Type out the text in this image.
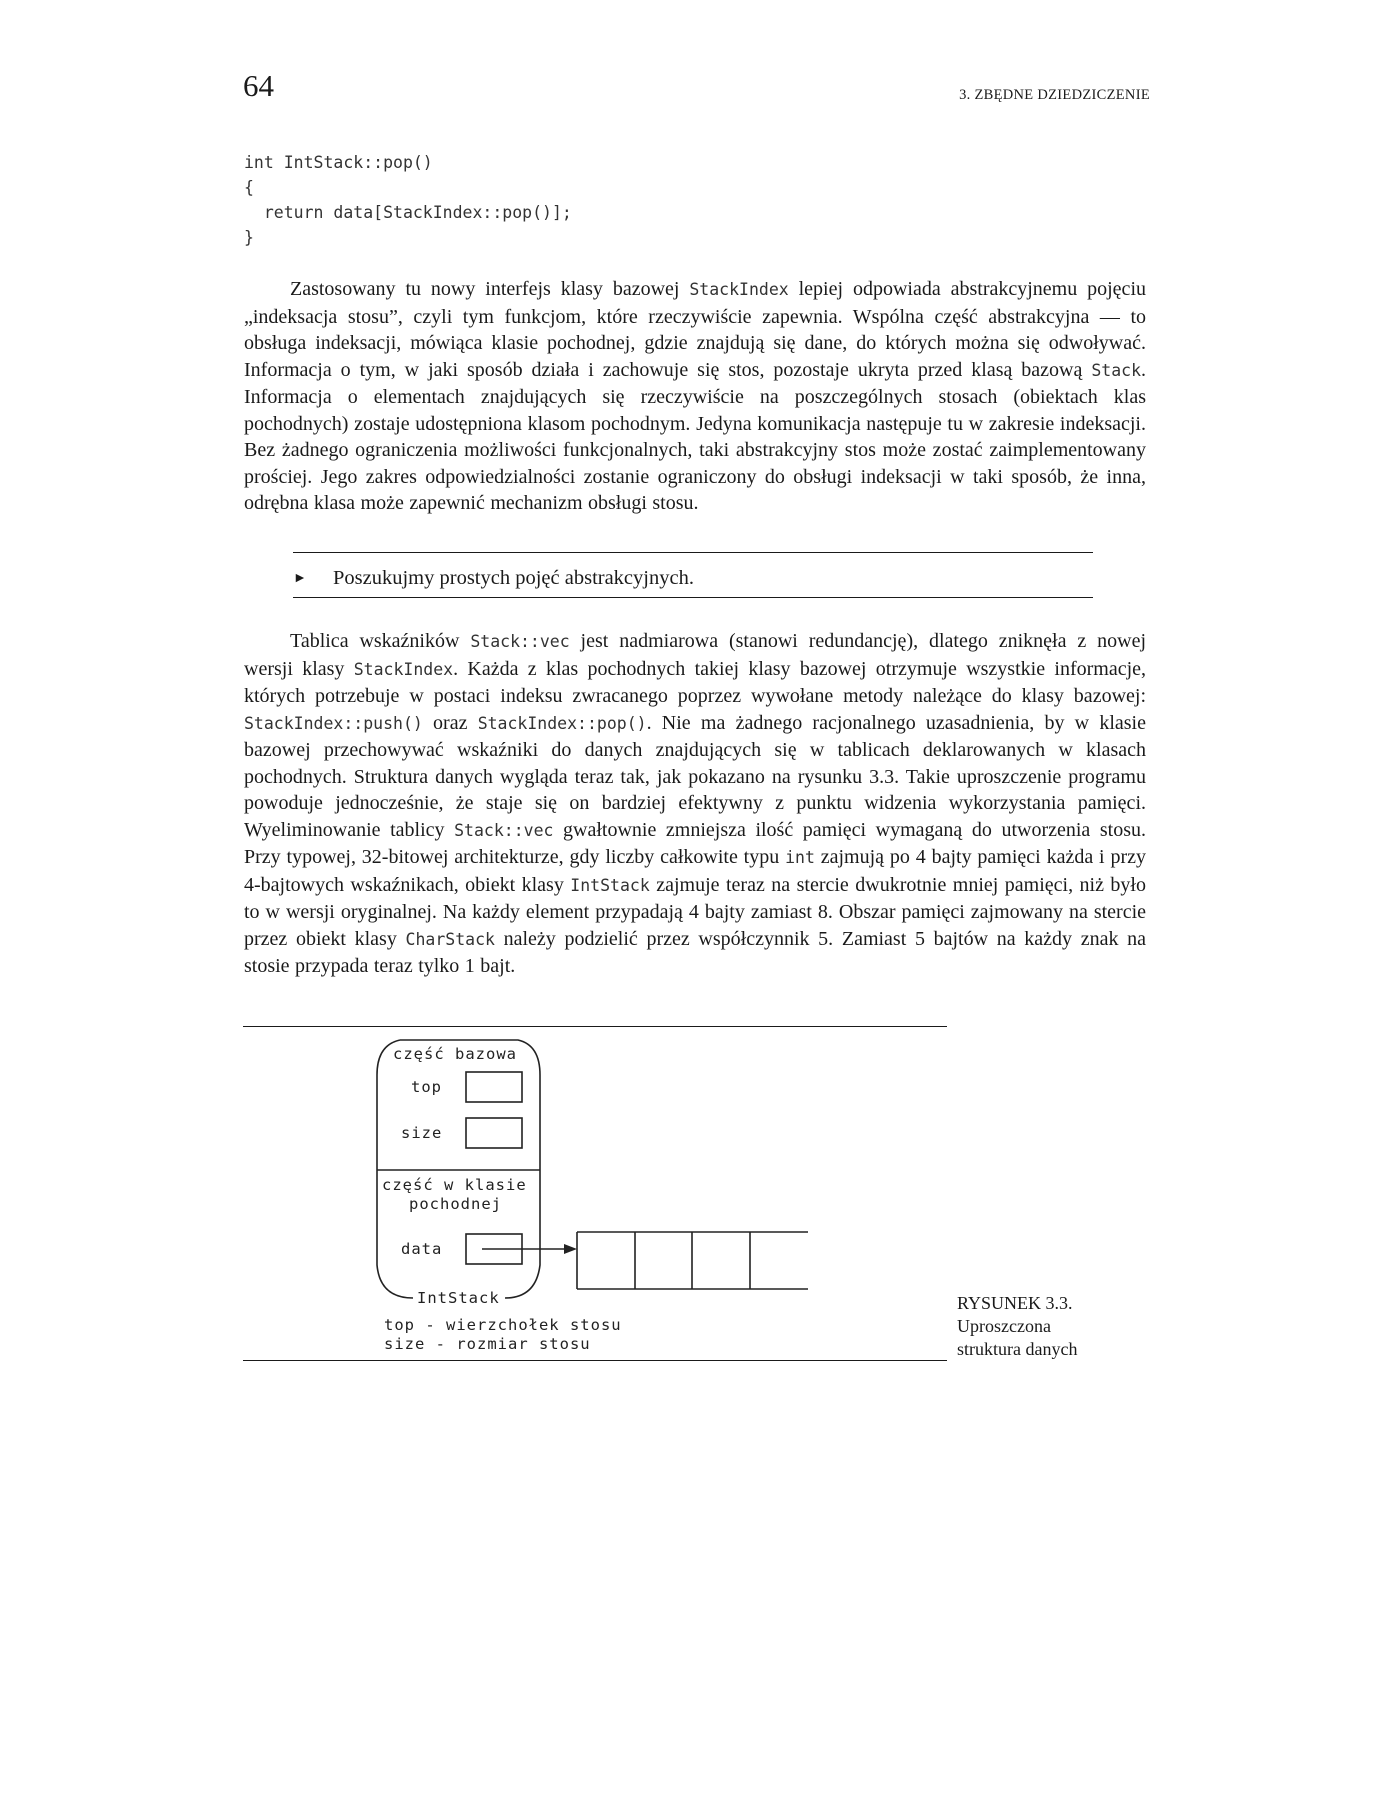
64	3. ZBĘDNE DZIEDZICZENIE
int IntStack::pop()
{
return data[StackIndex::pop()];
}

Zastosowany tu nowy interfejs klasy bazowej StackIndex lepiej odpowiada abstrakcyjnemu pojęciu „indeksacja stosu”, czyli tym funkcjom, które rzeczywiście zapewnia. Wspólna część abstrakcyjna — to obsługa indeksacji, mówiąca klasie pochodnej, gdzie znajdują się dane, do których można się odwoływać. Informacja o tym, w jaki sposób działa i zachowuje się stos, pozostaje ukryta przed klasą bazową Stack. Informacja o elementach znajdujących się rzeczywiście na poszczególnych stosach (obiektach klas pochodnych) zostaje udostępniona klasom pochodnym. Jedyna komunikacja następuje tu w zakresie indeksacji. Bez żadnego ograniczenia możliwości funkcjonalnych, taki abstrakcyjny stos może zostać zaimplementowany prościej. Jego zakres odpowiedzialności zostanie ograniczony do obsługi indeksacji w taki sposób, że inna, odrębna klasa może zapewnić mechanizm obsługi stosu.

► Poszukujmy prostych pojęć abstrakcyjnych.

Tablica wskaźników Stack::vec jest nadmiarowa (stanowi redundancję), dlatego zniknęła z nowej wersji klasy StackIndex. Każda z klas pochodnych takiej klasy bazowej otrzymuje wszystkie informacje, których potrzebuje w postaci indeksu zwracanego poprzez wywołane metody należące do klasy bazowej: StackIndex::push() oraz StackIndex::pop(). Nie ma żadnego racjonalnego uzasadnienia, by w klasie bazowej przechowywać wskaźniki do danych znajdujących się w tablicach deklarowanych w klasach pochodnych. Struktura danych wygląda teraz tak, jak pokazano na rysunku 3.3. Takie uproszczenie programu powoduje jednocześnie, że staje się on bardziej efektywny z punktu widzenia wykorzystania pamięci. Wyeliminowanie tablicy Stack::vec gwałtownie zmniejsza ilość pamięci wymaganą do utworzenia stosu. Przy typowej, 32-bitowej architekturze, gdy liczby całkowite typu int zajmują po 4 bajty pamięci każda i przy 4-bajtowych wskaźnikach, obiekt klasy IntStack zajmuje teraz na stercie dwukrotnie mniej pamięci, niż było to w wersji oryginalnej. Na każdy element przypadają 4 bajty zamiast 8. Obszar pamięci zajmowany na stercie przez obiekt klasy CharStack należy podzielić przez współczynnik 5. Zamiast 5 bajtów na każdy znak na stosie przypada teraz tylko 1 bajt.

część bazowa
top
size
część w klasie
pochodnej
data
IntStack
top - wierzchołek stosu
size - rozmiar stosu
RYSUNEK 3.3.
Uproszczona
struktura danych
